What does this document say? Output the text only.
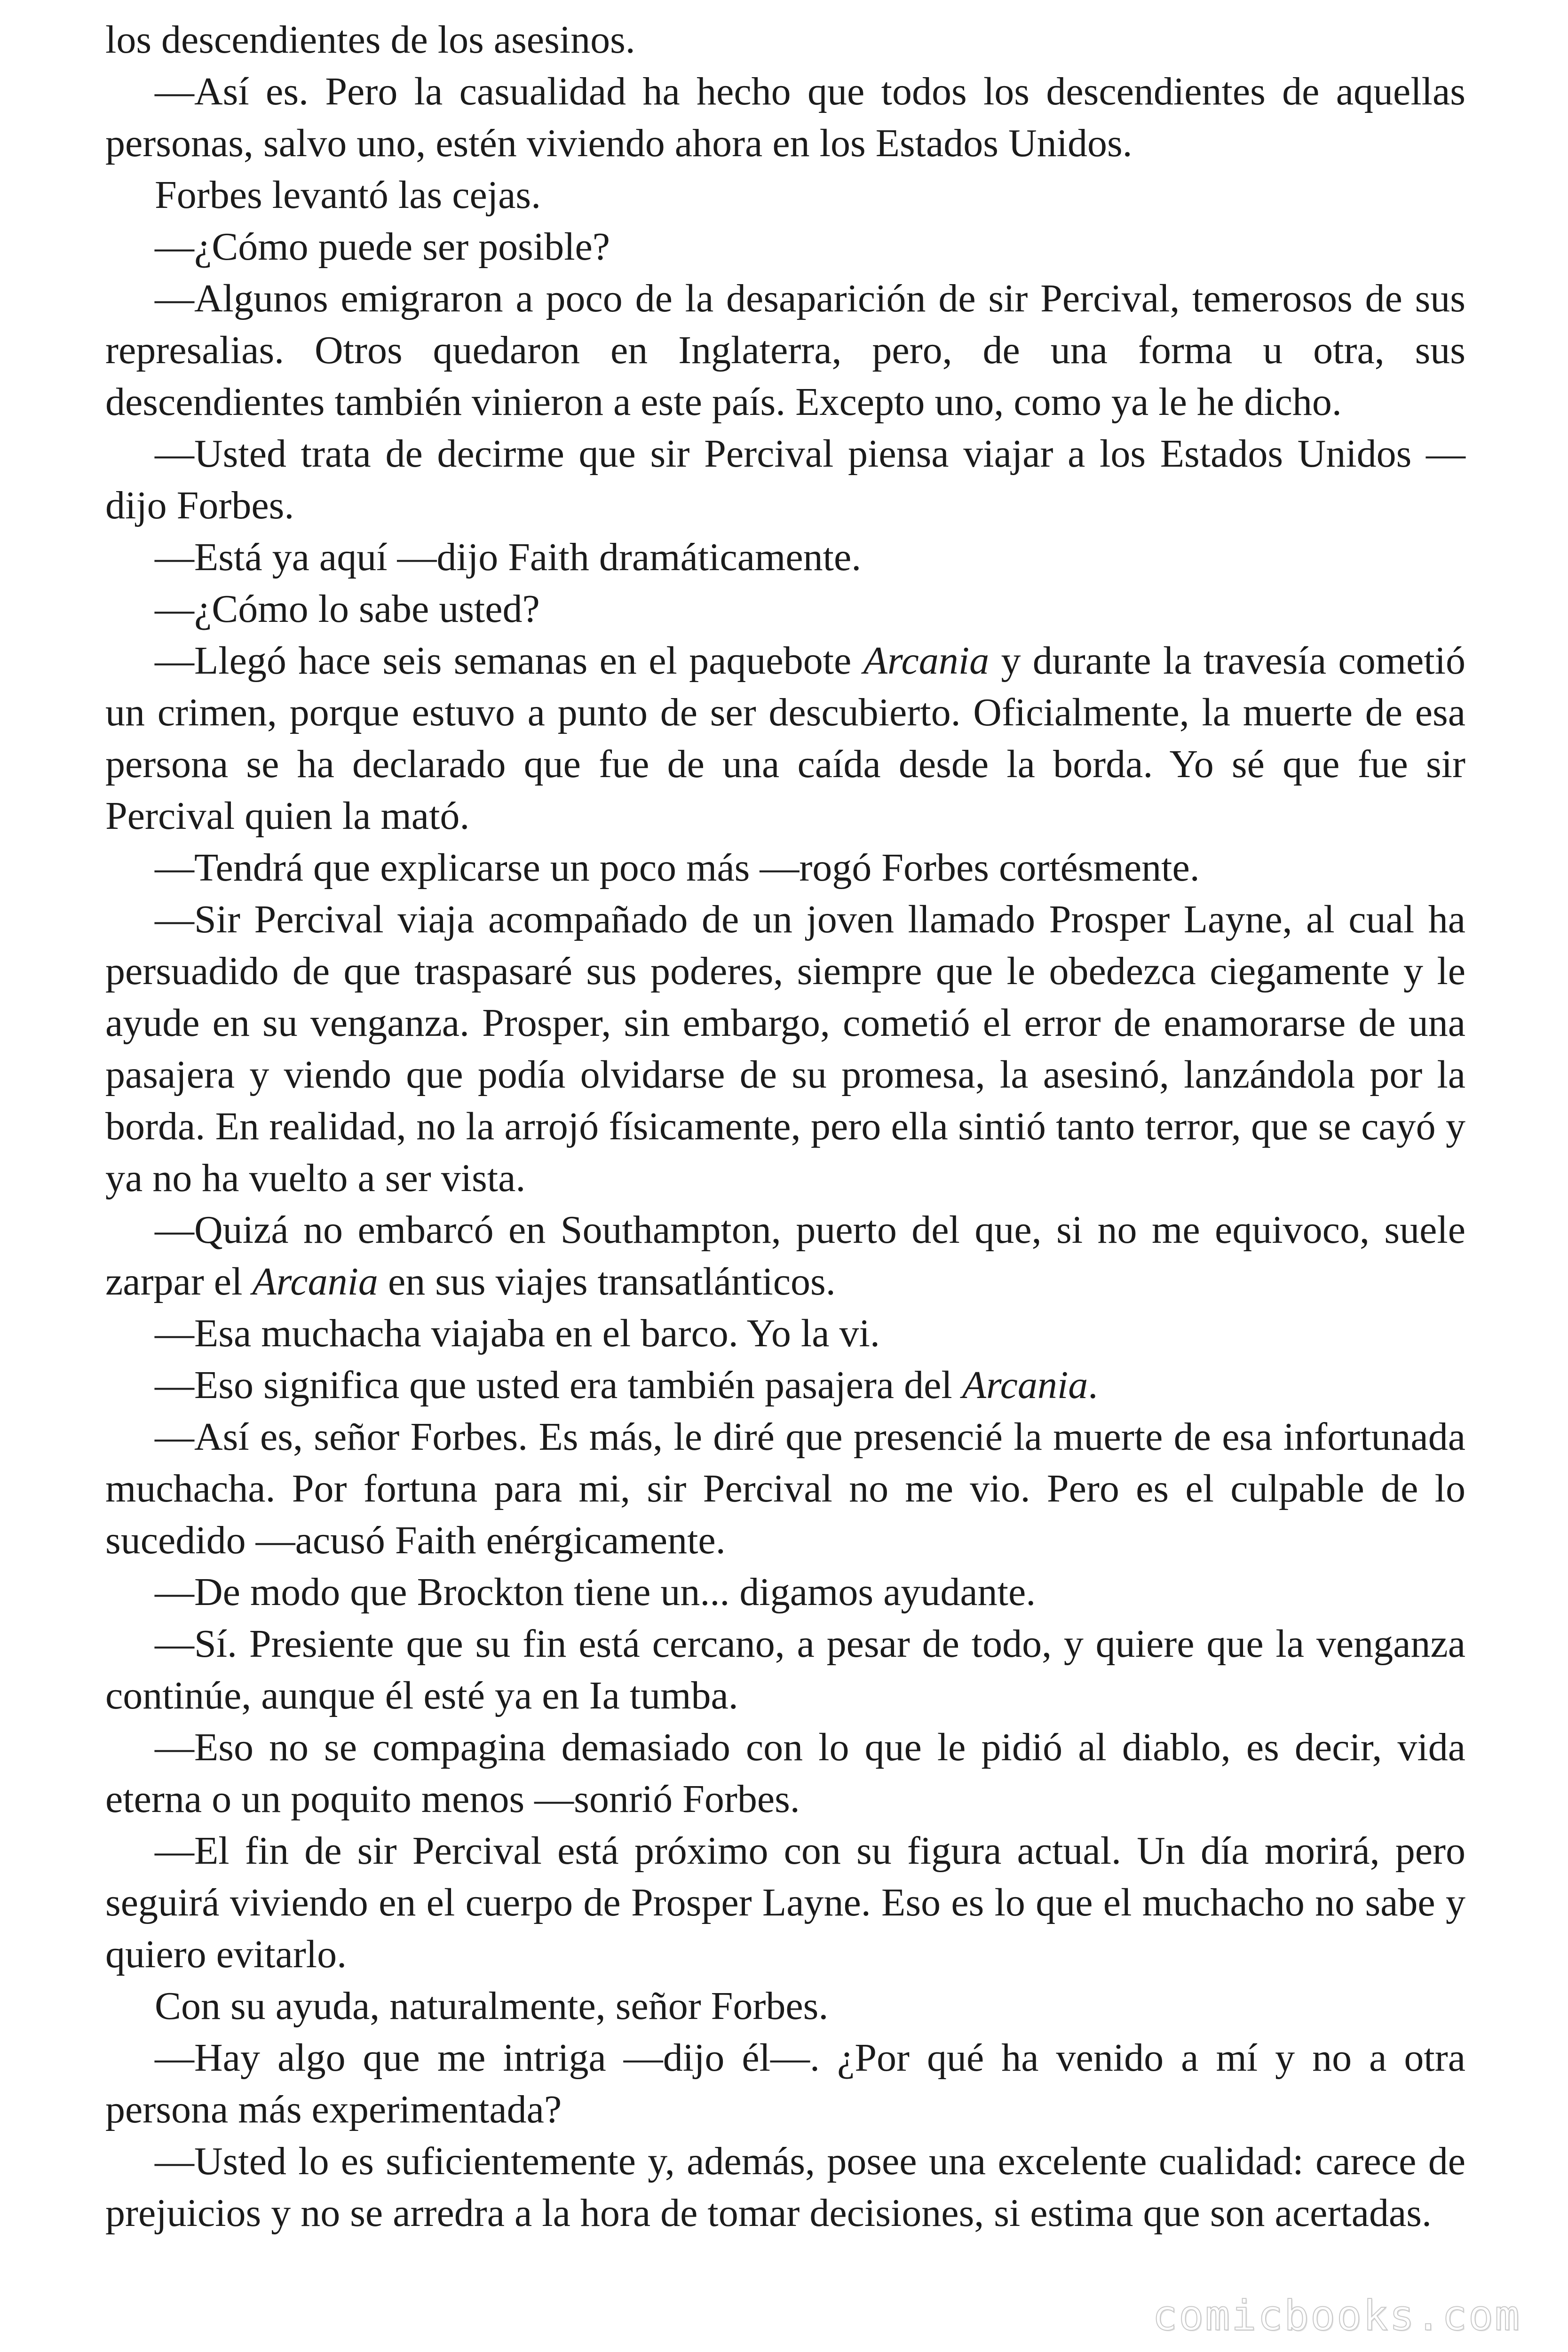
los descendientes de los asesinos.

—Así es. Pero la casualidad ha hecho que todos los descendientes de aquellas personas, salvo uno, estén viviendo ahora en los Estados Unidos.

Forbes levantó las cejas.

—¿Cómo puede ser posible?

—Algunos emigraron a poco de la desaparición de sir Percival, temerosos de sus represalias. Otros quedaron en Inglaterra, pero, de una forma u otra, sus descendientes también vinieron a este país. Excepto uno, como ya le he dicho.

—Usted trata de decirme que sir Percival piensa viajar a los Estados Unidos —dijo Forbes.

—Está ya aquí —dijo Faith dramáticamente.

—¿Cómo lo sabe usted?

—Llegó hace seis semanas en el paquebote Arcania y durante la travesía cometió un crimen, porque estuvo a punto de ser descubierto. Oficialmente, la muerte de esa persona se ha declarado que fue de una caída desde la borda. Yo sé que fue sir Percival quien la mató.

—Tendrá que explicarse un poco más —rogó Forbes cortésmente.

—Sir Percival viaja acompañado de un joven llamado Prosper Layne, al cual ha persuadido de que traspasaré sus poderes, siempre que le obedezca ciegamente y le ayude en su venganza. Prosper, sin embargo, cometió el error de enamorarse de una pasajera y viendo que podía olvidarse de su promesa, la asesinó, lanzándola por la borda. En realidad, no la arrojó físicamente, pero ella sintió tanto terror, que se cayó y ya no ha vuelto a ser vista.

—Quizá no embarcó en Southampton, puerto del que, si no me equivoco, suele zarpar el Arcania en sus viajes transatlánticos.

—Esa muchacha viajaba en el barco. Yo la vi.

—Eso significa que usted era también pasajera del Arcania.

—Así es, señor Forbes. Es más, le diré que presencié la muerte de esa infortunada muchacha. Por fortuna para mi, sir Percival no me vio. Pero es el culpable de lo sucedido —acusó Faith enérgicamente.

—De modo que Brockton tiene un... digamos ayudante.

—Sí. Presiente que su fin está cercano, a pesar de todo, y quiere que la venganza continúe, aunque él esté ya en Ia tumba.

—Eso no se compagina demasiado con lo que le pidió al diablo, es decir, vida eterna o un poquito menos —sonrió Forbes.

—El fin de sir Percival está próximo con su figura actual. Un día morirá, pero seguirá viviendo en el cuerpo de Prosper Layne. Eso es lo que el muchacho no sabe y quiero evitarlo.

Con su ayuda, naturalmente, señor Forbes.

—Hay algo que me intriga —dijo él—. ¿Por qué ha venido a mí y no a otra persona más experimentada?

—Usted lo es suficientemente y, además, posee una excelente cualidad: carece de prejuicios y no se arredra a la hora de tomar decisiones, si estima que son acertadas.

comicbooks.com
